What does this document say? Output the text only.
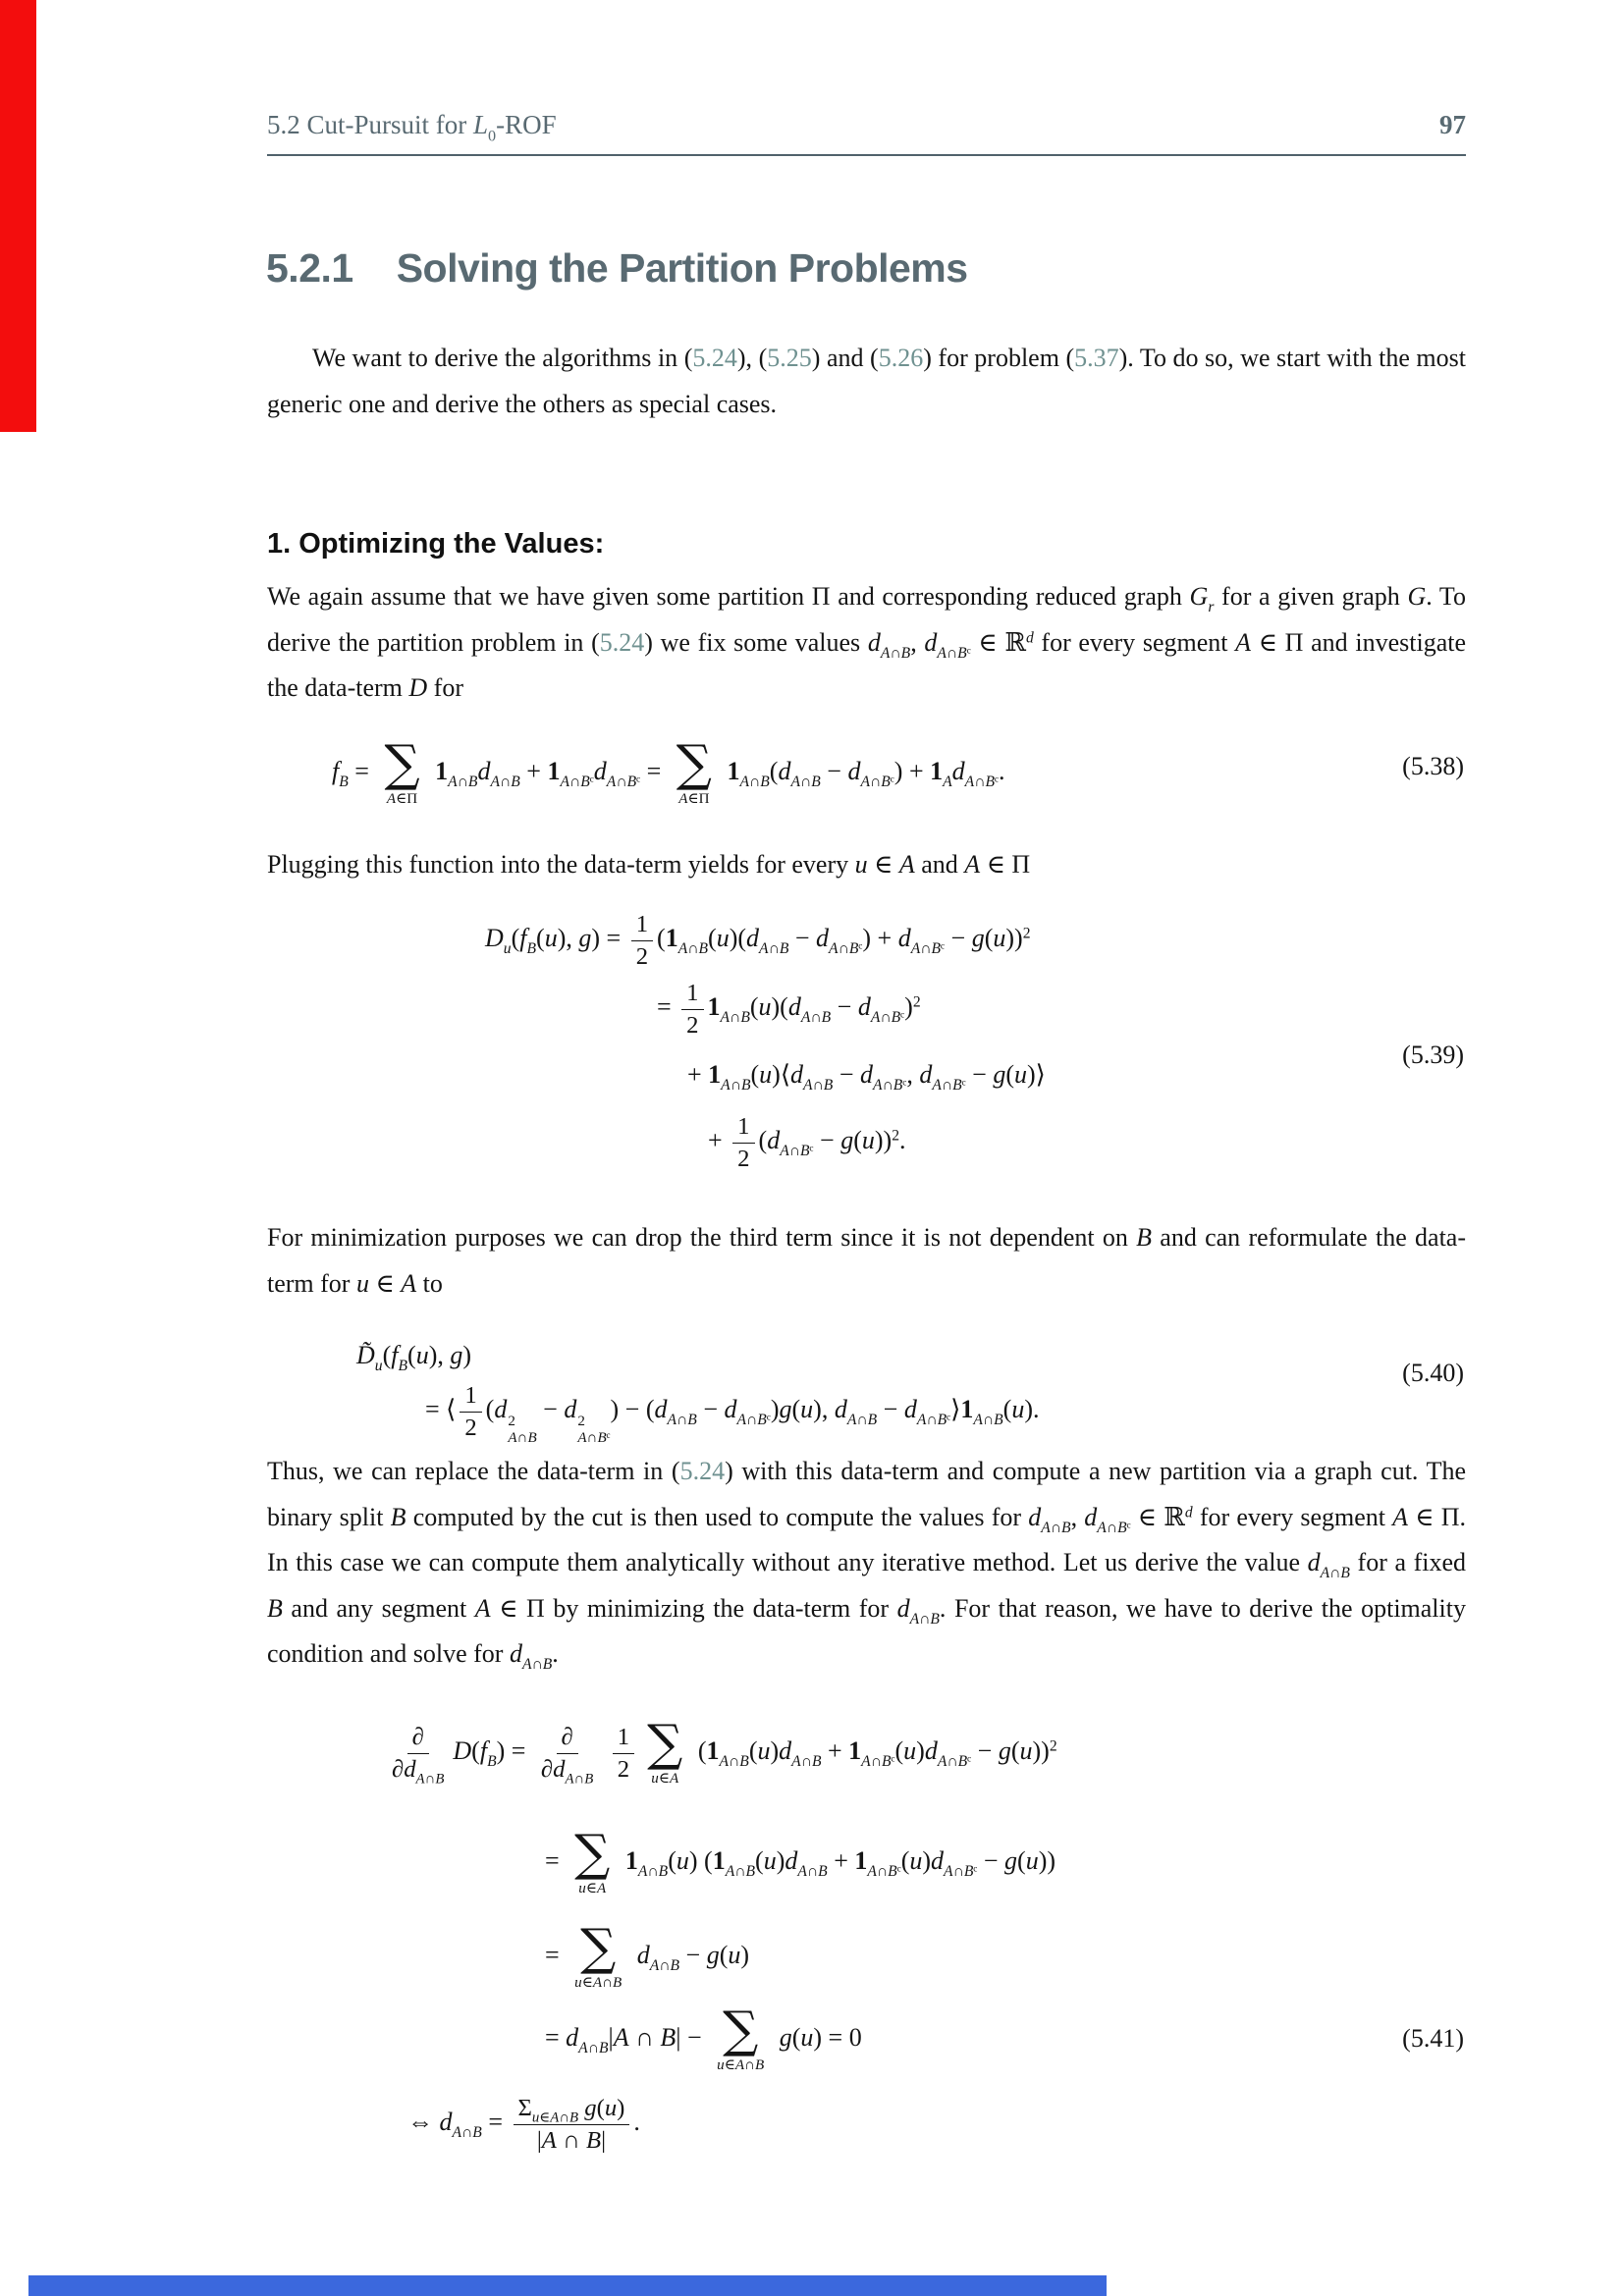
5.2 Cut-Pursuit for $L_0$-ROF	97
5.2.1 Solving the Partition Problems

We want to derive the algorithms in (5.24), (5.25) and (5.26) for problem (5.37). To do so, we start with the most generic one and derive the others as special cases.

1. Optimizing the Values:

We again assume that we have given some partition Π and corresponding reduced graph $G_r$ for a given graph G. To derive the partition problem in (5.24) we fix some values $d_{A\cap B}$, $d_{A\cap Bᶜ}$ ∈ ℝ$^d$ for every segment A ∈ Π and investigate the data-term D for

$f_B$ = ∑
A∈Π
$1_{A\cap B}d_{A\cap B} + 1_{A\cap Bᶜ}d_{A\cap Bᶜ}$ = ∑
A∈Π
$1_{A\cap B}(d_{A\cap B} - d_{A\cap Bᶜ}) + 1_Ad_{A\cap Bᶜ}$.	(5.38)

Plugging this function into the data-term yields for every u ∈ A and A ∈ Π

$D_u(f_B(u)$, $g) = \frac{1}{2} (1_{A\cap B}(u)(d_{A\cap B} - d_{A\cap Bᶜ}) + d_{A\cap Bᶜ} - g(u))^2$
= $\frac{1}{2} 1_{A\cap B}(u)(d_{A\cap B} - d_{A\cap Bᶜ})^2$
+ $1_{A\cap B}(u)⟨d_{A\cap B} - d_{A\cap Bᶜ}$, $d_{A\cap Bᶜ}$ − g(u)⟩
+ $\frac{1}{2} (d_{A\cap Bᶜ} - g(u))^2$.
(5.39)

For minimization purposes we can drop the third term since it is not dependent on B and can reformulate the data-term for u ∈ A to

$D̃_u(f_B(u)$, g)
= ⟨ $\frac{1}{2} (d$ 2
A∩B
− d 2
A∩Bᶜ
) − $(d_{A\cap B} - d_{A\cap Bᶜ})g(u)$, $d_{A\cap B}$ − $d_{A\cap Bᶜ}⟩1_{A\cap B}(u)$.
(5.40)

Thus, we can replace the data-term in (5.24) with this data-term and compute a new partition via a graph cut. The binary split B computed by the cut is then used to compute the values for $d_{A\cap B}$, $d_{A\cap Bᶜ}$ ∈ ℝ$^d$ for every segment A ∈ Π. In this case we can compute them analytically without any iterative method. Let us derive the value $d_{A\cap B}$ for a fixed B and any segment A ∈ Π by minimizing the data-term for $d_{A\cap B}$. For that reason, we have to derive the optimality condition and solve for $d_{A\cap B}$.

$\frac{\partial}{\partial d_{A\cap B}} D(f_B) = \frac{\partial}{\partial d_{A\cap B}}$
$\frac{1}{2}$ ∑
u∈A
$(1_{A\cap B}(u)d_{A\cap B} + 1_{A\cap Bᶜ}(u)d_{A\cap Bᶜ} - g(u))^2$
= ∑
u∈A
$1_{A\cap B}(u) (1_{A\cap B}(u)d_{A\cap B} + 1_{A\cap Bᶜ}(u)d_{A\cap Bᶜ} - g(u))$
= ∑
u∈A∩B
$d_{A\cap B} - g(u)$
= $d_{A\cap B}|A$ ∩ B| − ∑
u∈A∩B
g(u) = 0
⇔ $d_{A\cap B} = \frac{\Sigma_{u\in A\cap B} g(u)}{|A \cap B|}$ .
(5.41)
